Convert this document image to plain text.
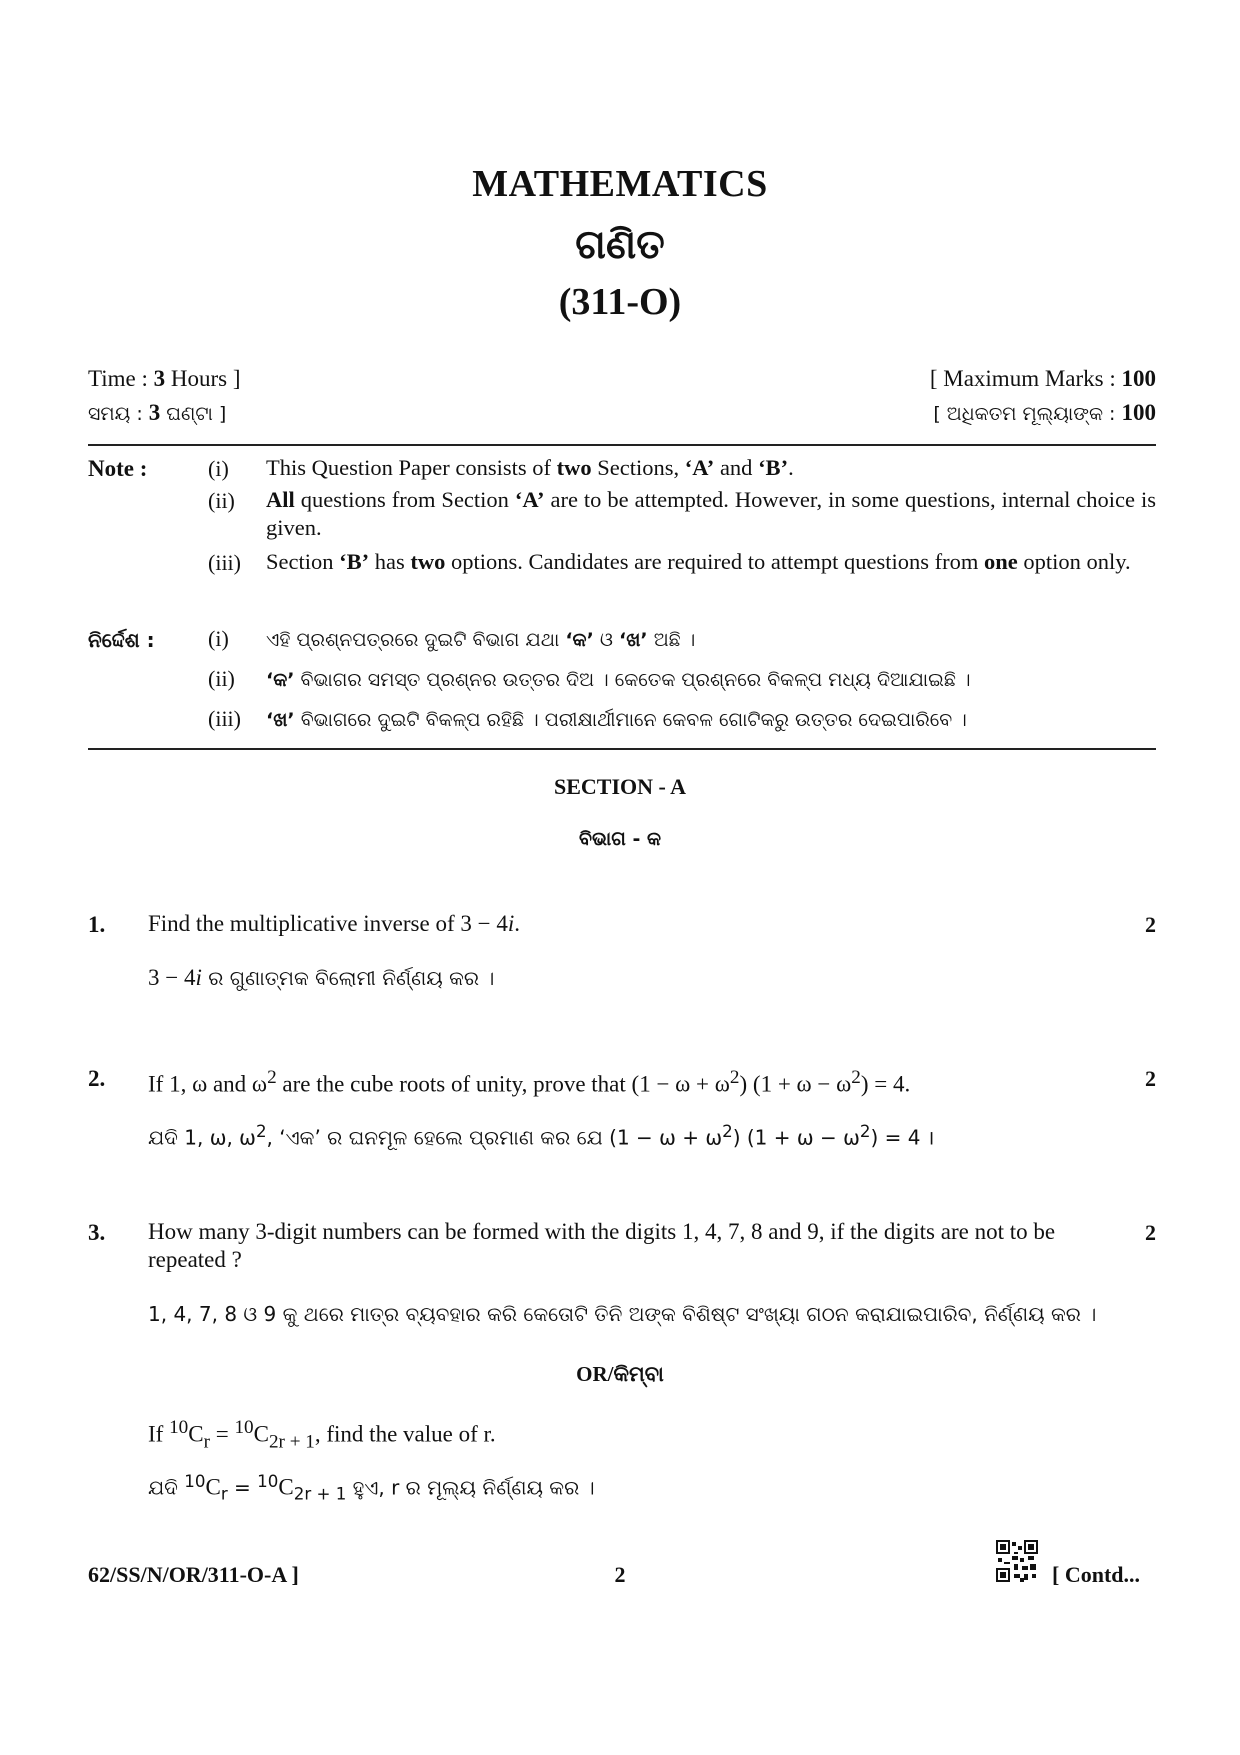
MATHEMATICS
ଗଣିତ
(311-O)
Time : 3 Hours ]
ସମୟ : 3 ଘଣ୍ଟା ]
[ Maximum Marks : 100
[ ଅଧିକତମ ମୂଲ୍ୟାଙ୍କ : 100
Note :	(i) This Question Paper consists of two Sections, ‘A’ and ‘B’.
(ii) All questions from Section ‘A’ are to be attempted. However, in some questions, internal choice is given.
(iii) Section ‘B’ has two options. Candidates are required to attempt questions from one option only.
ନିର୍ଦ୍ଦେଶ : (i) ଏହି ପ୍ରଶ୍ନପତ୍ରରେ ଦୁଇଟି ବିଭାଗ ଯଥା ‘କ’ ଓ ‘ଖ’ ଅଛି ।
(ii) ‘କ’ ବିଭାଗର ସମସ୍ତ ପ୍ରଶ୍ନର ଉତ୍ତର ଦିଅ । କେତେକ ପ୍ରଶ୍ନରେ ବିକଳ୍ପ ମଧ୍ୟ ଦିଆଯାଇଛି ।
(iii) ‘ଖ’ ବିଭାଗରେ ଦୁଇଟି ବିକଳ୍ପ ରହିଛି । ପରୀକ୍ଷାର୍ଥୀମାନେ କେବଳ ଗୋଟିକରୁ ଉତ୍ତର ଦେଇପାରିବେ ।
SECTION - A
ବିଭାଗ - କ
1. Find the multiplicative inverse of 3 − 4i.	2
3 − 4i ର ଗୁଣାତ୍ମକ ବିଲୋମୀ ନିର୍ଣ୍ଣୟ କର ।
2. If 1, ω and $\omega^2$ are the cube roots of unity, prove that $(1 - \omega + \omega^2)$ $(1 + \omega - \omega^2) = 4$.	2
ଯଦି 1, ω, $\omega^2$, ‘ଏକ’ ର ଘନମୂଳ ହେଲେ ପ୍ରମାଣ କର ଯେ $(1 - \omega + \omega^2)$ $(1 + \omega - \omega^2) = 4$ ।
3. How many 3-digit numbers can be formed with the digits 1, 4, 7, 8 and 9, if the digits are not to be repeated ?
2
1, 4, 7, 8 ଓ 9 କୁ ଥରେ ମାତ୍ର ବ୍ୟବହାର କରି କେତୋଟି ତିନି ଅଙ୍କ ବିଶିଷ୍ଟ ସଂଖ୍ୟା ଗଠନ କରାଯାଇପାରିବ, ନିର୍ଣ୍ଣୟ କର ।
OR/କିମ୍ବା
If $^{10}C_r = ^{10}C_{2r + 1}$, find the value of r.
ଯଦି $^{10}C_r = ^{10}C_{2r + 1}$ ହୁଏ, r ର ମୂଲ୍ୟ ନିର୍ଣ୍ଣୟ କର ।
62/SS/N/OR/311-O-A ]	2	[ Contd...
